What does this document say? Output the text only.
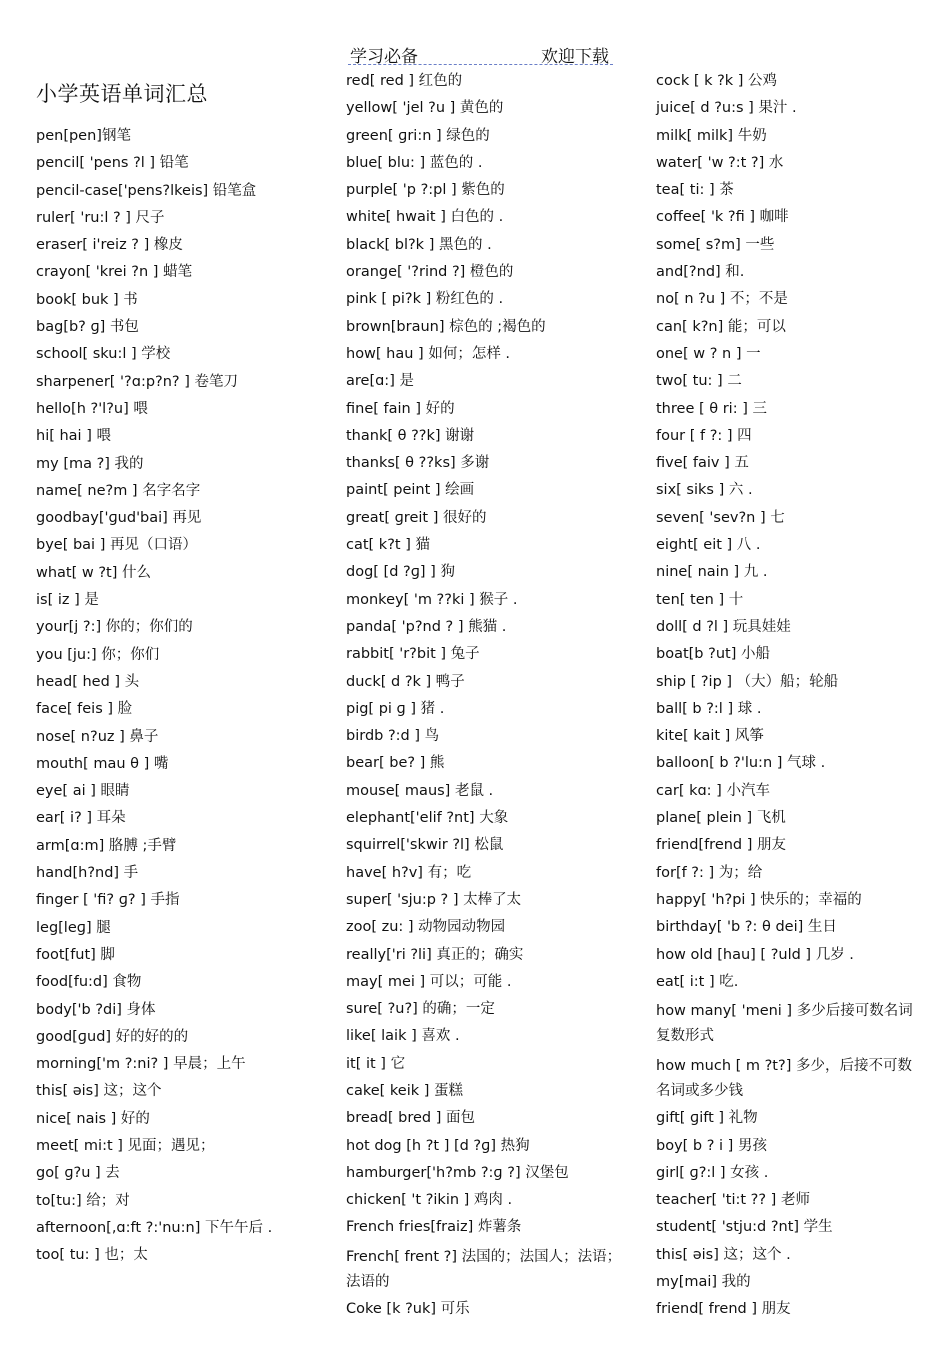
学习必备	欢迎下载
小学英语单词汇总
pen[pen]钢笔
pencil[ 'pens ?l ] 铅笔
pencil-case['pens?lkeis] 铅笔盒
ruler[ 'ru:l ? ] 尺子
eraser[ i'reiz ? ] 橡皮
crayon[ 'krei ?n ] 蜡笔
book[ buk ] 书
bag[b? ɡ] 书包
school[ sku:l ] 学校
sharpener[ '?ɑ:p?n? ] 卷笔刀
hello[h ?'l?u] 喂
hi[ hai ] 喂
my [ma ?] 我的
name[ ne?m ] 名字名字
goodbay['ɡud'bai] 再见
bye[ bai ] 再见（口语）
what[ w ?t] 什么
is[ iz ] 是
your[j ?:] 你的；你们的
you [ju:] 你；你们
head[ hed ] 头
face[ feis ] 脸
nose[ n?uz ] 鼻子
mouth[ mau θ ] 嘴
eye[ ai ] 眼睛
ear[ i? ] 耳朵
arm[ɑ:m] 胳膊 ;手臂
hand[h?nd] 手
finger [ 'fi? ɡ? ] 手指
leg[leɡ] 腿
foot[fut] 脚
food[fu:d] 食物
body['b ?di] 身体
good[ɡud] 好的好的的
morning['m ?:ni? ] 早晨；上午
this[ ǝis] 这；这个
nice[ nais ] 好的
meet[ mi:t ] 见面；遇见；
go[ ɡ?u ] 去
to[tu:] 给；对
afternoon[,ɑ:ft ?:'nu:n] 下午午后 .
too[ tu: ] 也；太
red[ red ] 红色的
yellow[ 'jel ?u ] 黄色的
green[ ɡri:n ] 绿色的
blue[ blu: ] 蓝色的 .
purple[ 'p ?:pl ] 紫色的
white[ hwait ] 白色的 .
black[ bl?k ] 黑色的 .
orange[ '?rind ?] 橙色的
pink [ pi?k ] 粉红色的 .
brown[braun] 棕色的 ;褐色的
how[ hau ] 如何；怎样 .
are[ɑ:] 是
fine[ fain ] 好的
thank[ θ ??k] 谢谢
thanks[ θ ??ks] 多谢
paint[ peint ] 绘画
great[ ɡreit ] 很好的
cat[ k?t ] 猫
dog[ [d ?ɡ] ] 狗
monkey[ 'm ??ki ] 猴子 .
panda[ 'p?nd ? ] 熊猫 .
rabbit[ 'r?bit ] 兔子
duck[ d ?k ] 鸭子
pig[ pi ɡ ] 猪 .
birdb ?:d ] 鸟
bear[ be? ] 熊
mouse[ maus] 老鼠 .
elephant['elif ?nt] 大象
squirrel['skwir ?l] 松鼠
have[ h?v] 有；吃
super[ 'sju:p ? ] 太棒了太
zoo[ zu: ] 动物园动物园
really['ri ?li] 真正的；确实
may[ mei ] 可以；可能 .
sure[ ?u?] 的确；一定
like[ laik ] 喜欢 .
it[ it ] 它
cake[ keik ] 蛋糕
bread[ bred ] 面包
hot dog [h ?t ] [d ?ɡ] 热狗
hamburger['h?mb ?:ɡ ?] 汉堡包
chicken[ 't ?ikin ] 鸡肉 .
French fries[fraiz] 炸薯条
French[ frent ?] 法国的；法国人；法语；法语的
Coke [k ?uk] 可乐
cock [ k ?k ] 公鸡
juice[ d ?u:s ] 果汁 .
milk[ milk] 牛奶
water[ 'w ?:t ?] 水
tea[ ti: ] 茶
coffee[ 'k ?fi ] 咖啡
some[ s?m] 一些
and[?nd] 和.
no[ n ?u ] 不；不是
can[ k?n] 能；可以
one[ w ? n ] 一
two[ tu: ] 二
three [ θ ri: ] 三
four [ f ?: ] 四
five[ faiv ] 五
six[ siks ] 六 .
seven[ 'sev?n ] 七
eight[ eit ] 八 .
nine[ nain ] 九 .
ten[ ten ] 十
doll[ d ?l ] 玩具娃娃
boat[b ?ut] 小船
ship [ ?ip ] （大）船；轮船
ball[ b ?:l ] 球 .
kite[ kait ] 风筝
balloon[ b ?'lu:n ] 气球 .
car[ kɑ: ] 小汽车
plane[ plein ] 飞机
friend[frend ] 朋友
for[f ?: ] 为；给
happy[ 'h?pi ] 快乐的；幸福的
birthday[ 'b ?: θ dei] 生日
how old [hau] [ ?uld ] 几岁 .
eat[ i:t ] 吃.
how many[ 'meni ] 多少后接可数名词复数形式
how much [ m ?t?] 多少，后接不可数名词或多少钱
gift[ ɡift ] 礼物
boy[ b ? i ] 男孩
girl[ ɡ?:l ] 女孩 .
teacher[ 'ti:t ?? ] 老师
student[ 'stju:d ?nt] 学生
this[ ǝis] 这；这个 .
my[mai] 我的
friend[ frend ] 朋友
